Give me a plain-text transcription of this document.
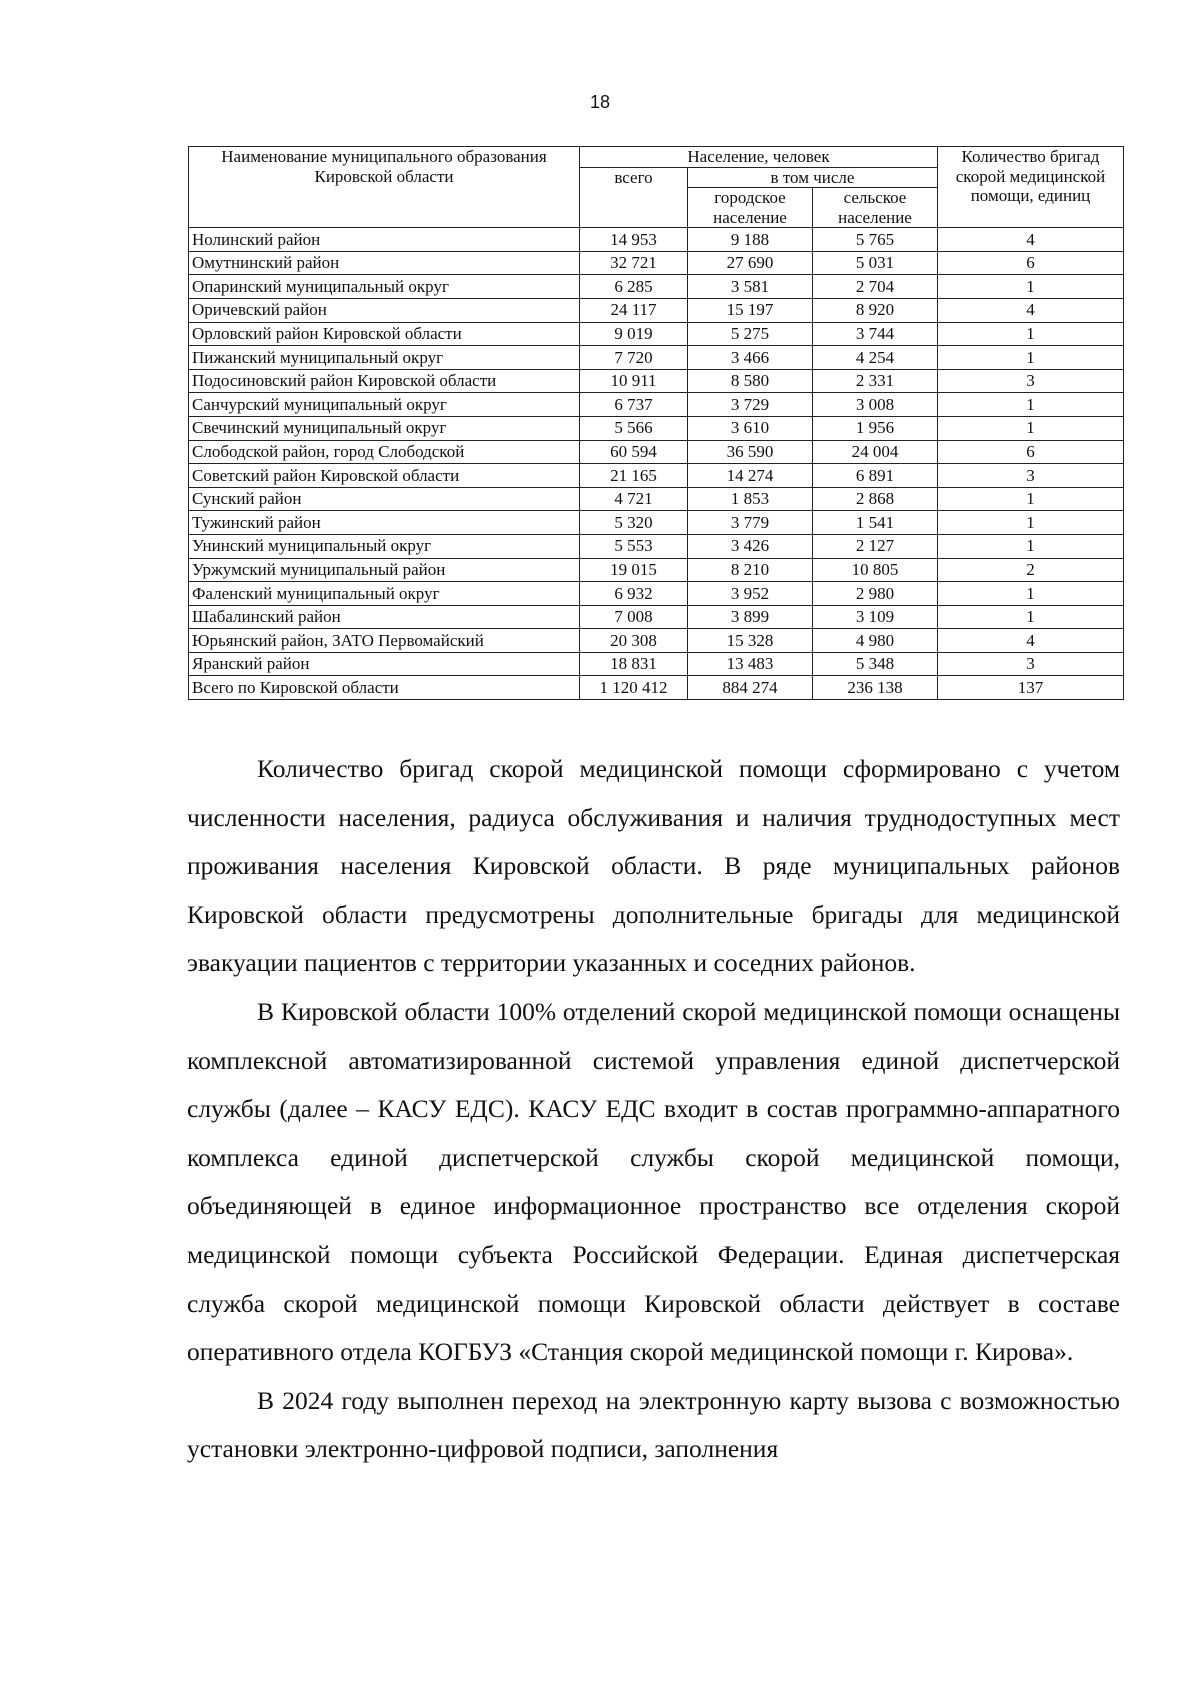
18
Наименование муниципального образования Кировской области	Население, человек			Количество бригад скорой медицинской помощи, единиц
	всего	в том числе		
		городское население	сельское население	
Нолинский район	14 953	9 188	5 765	4
Омутнинский район	32 721	27 690	5 031	6
Опаринский муниципальный округ	6 285	3 581	2 704	1
Оричевский район	24 117	15 197	8 920	4
Орловский район Кировской области	9 019	5 275	3 744	1
Пижанский муниципальный округ	7 720	3 466	4 254	1
Подосиновский район Кировской области	10 911	8 580	2 331	3
Санчурский муниципальный округ	6 737	3 729	3 008	1
Свечинский муниципальный округ	5 566	3 610	1 956	1
Слободской район, город Слободской	60 594	36 590	24 004	6
Советский район Кировской области	21 165	14 274	6 891	3
Сунский район	4 721	1 853	2 868	1
Тужинский район	5 320	3 779	1 541	1
Унинский муниципальный округ	5 553	3 426	2 127	1
Уржумский муниципальный район	19 015	8 210	10 805	2
Фаленский муниципальный округ	6 932	3 952	2 980	1
Шабалинский район	7 008	3 899	3 109	1
Юрьянский район, ЗАТО Первомайский	20 308	15 328	4 980	4
Яранский район	18 831	13 483	5 348	3
Всего по Кировской области	1 120 412	884 274	236 138	137

Количество бригад скорой медицинской помощи сформировано с учетом численности населения, радиуса обслуживания и наличия труднодоступных мест проживания населения Кировской области. В ряде муниципальных районов Кировской области предусмотрены дополнительные бригады для медицинской эвакуации пациентов с территории указанных и соседних районов.

В Кировской области 100% отделений скорой медицинской помощи оснащены комплексной автоматизированной системой управления единой диспетчерской службы (далее – КАСУ ЕДС). КАСУ ЕДС входит в состав программно-аппаратного комплекса единой диспетчерской службы скорой медицинской помощи, объединяющей в единое информационное пространство все отделения скорой медицинской помощи субъекта Российской Федерации. Единая диспетчерская служба скорой медицинской помощи Кировской области действует в составе оперативного отдела КОГБУЗ «Станция скорой медицинской помощи г. Кирова».

В 2024 году выполнен переход на электронную карту вызова с возможностью установки электронно-цифровой подписи, заполнения
